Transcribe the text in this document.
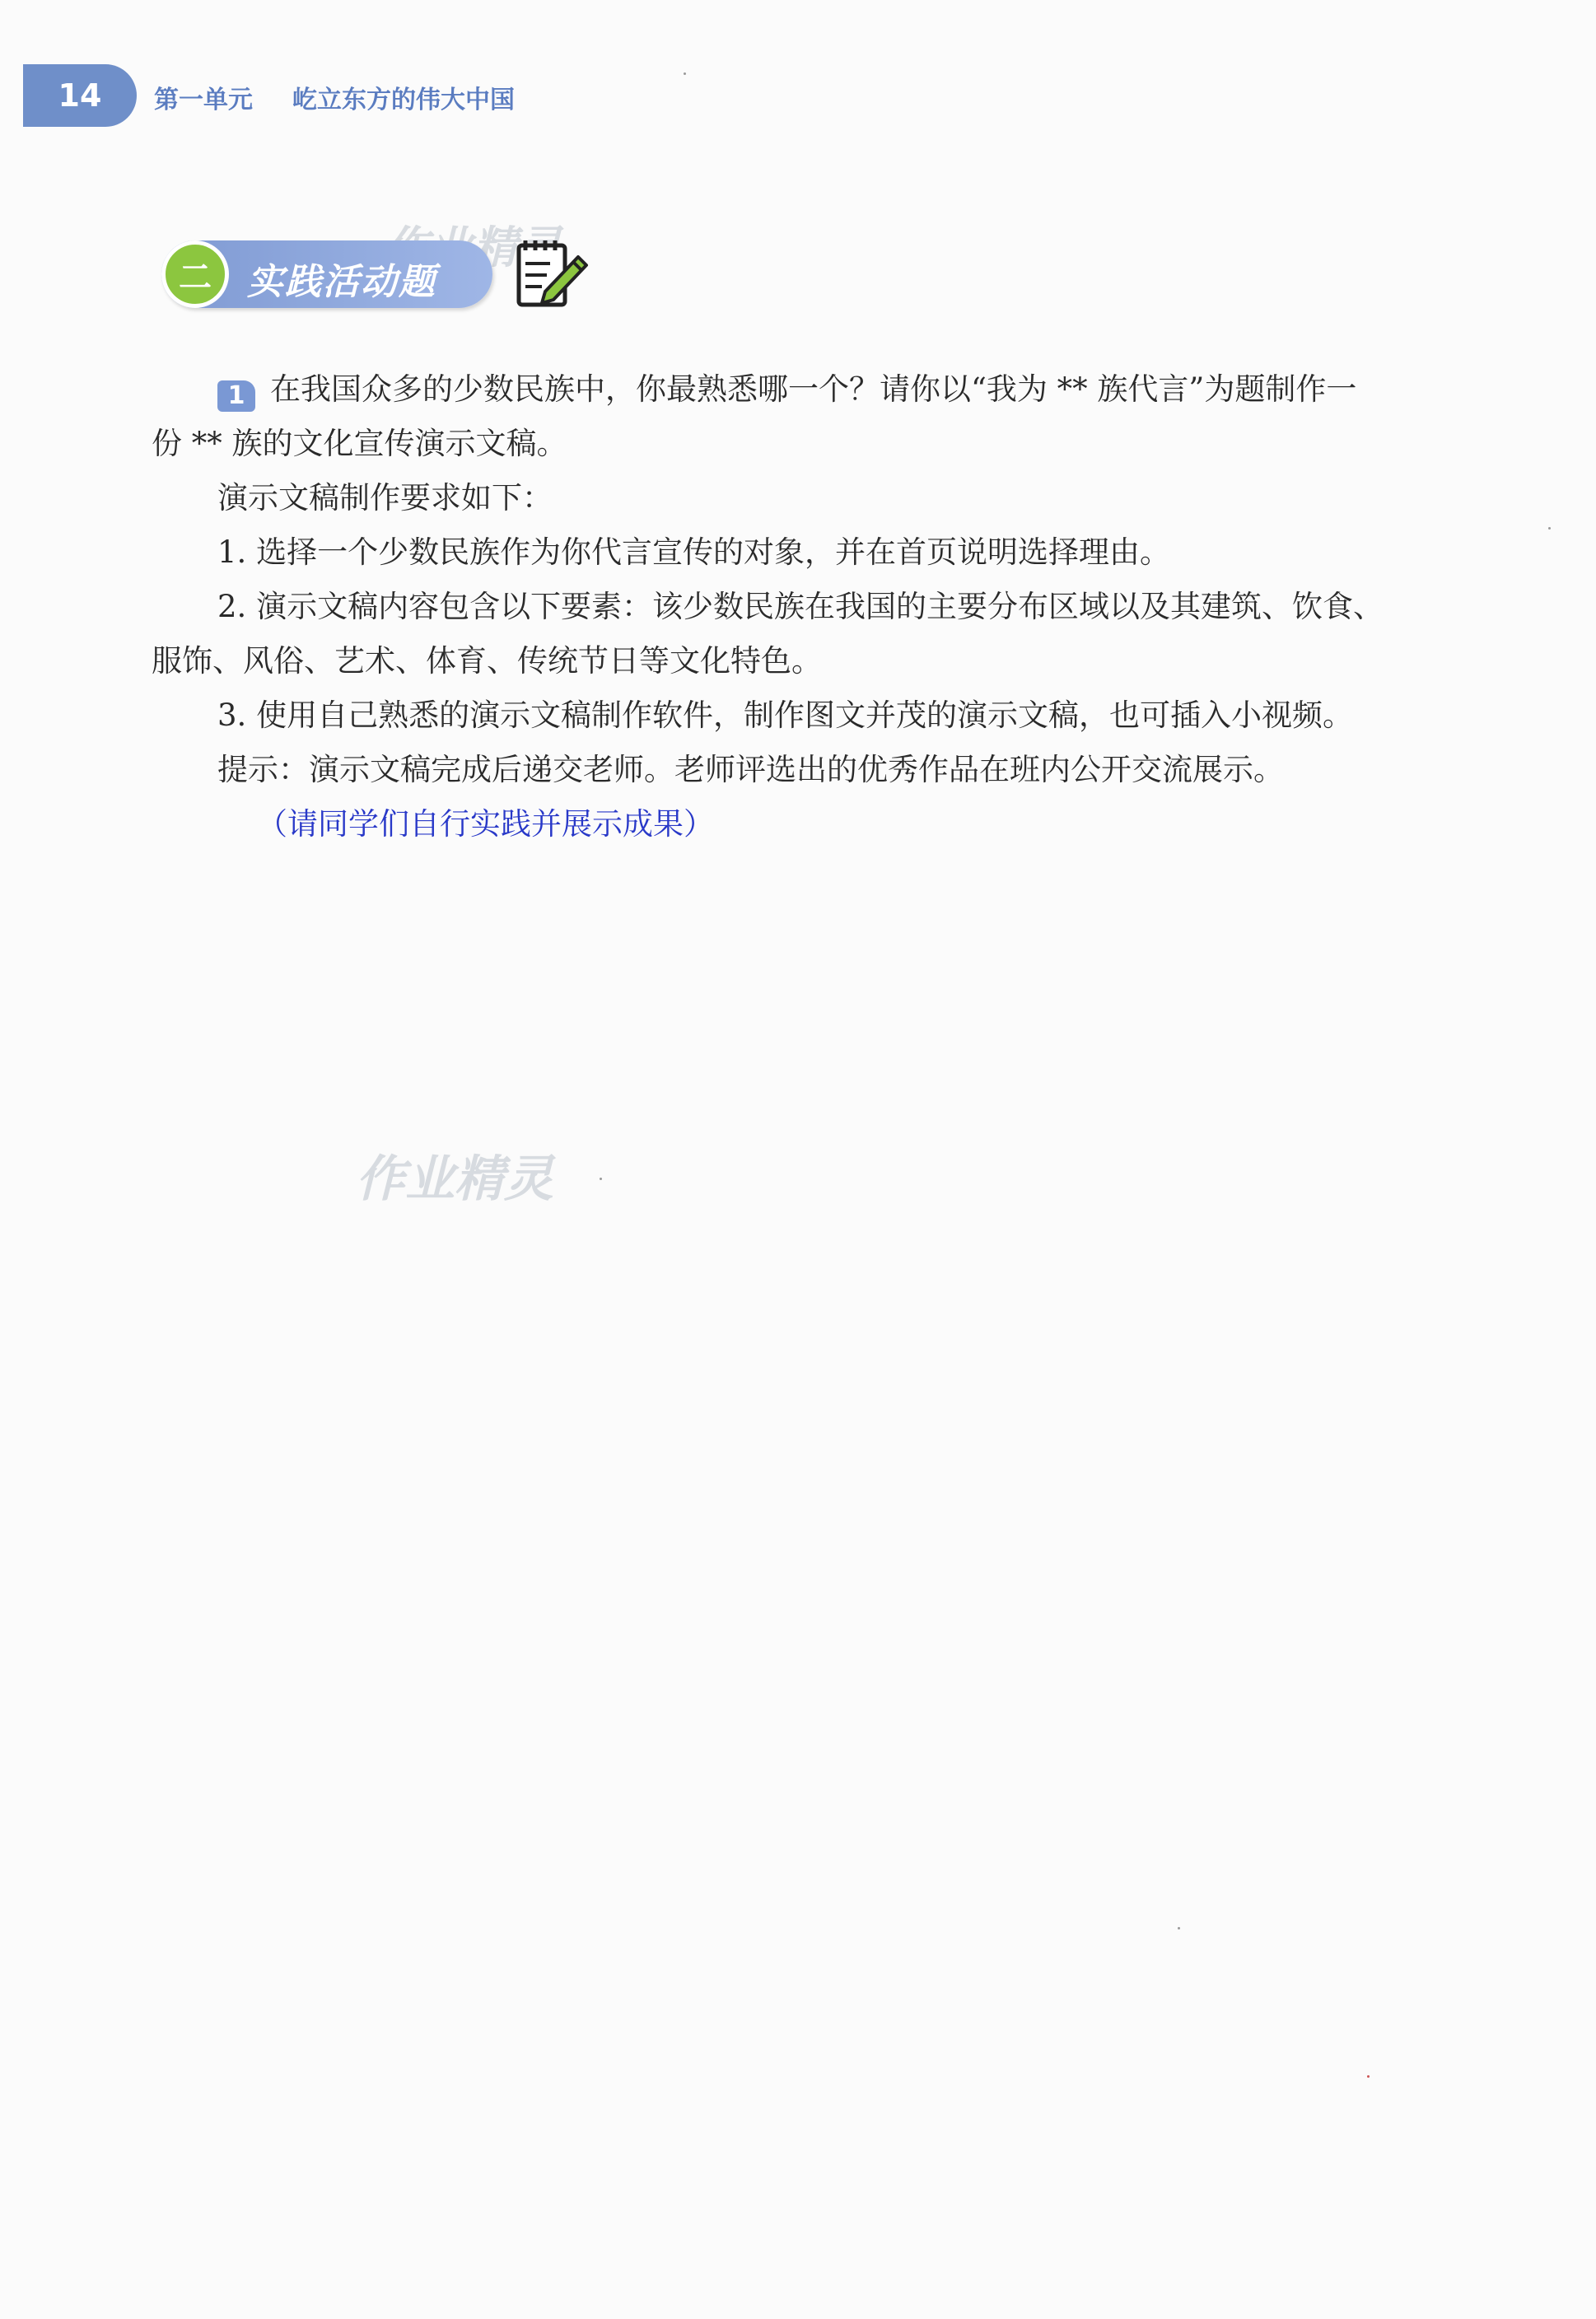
14 第一单元 屹立东方的伟大中国
二 实践活动题

1 在我国众多的少数民族中，你最熟悉哪一个？请你以“我为 ** 族代言”为题制作一

份 ** 族的文化宣传演示文稿。

演示文稿制作要求如下：

1. 选择一个少数民族作为你代言宣传的对象，并在首页说明选择理由。

2. 演示文稿内容包含以下要素：该少数民族在我国的主要分布区域以及其建筑、饮食、

服饰、风俗、艺术、体育、传统节日等文化特色。

3. 使用自己熟悉的演示文稿制作软件，制作图文并茂的演示文稿，也可插入小视频。

提示：演示文稿完成后递交老师。老师评选出的优秀作品在班内公开交流展示。

（请同学们自行实践并展示成果）

作业精灵
